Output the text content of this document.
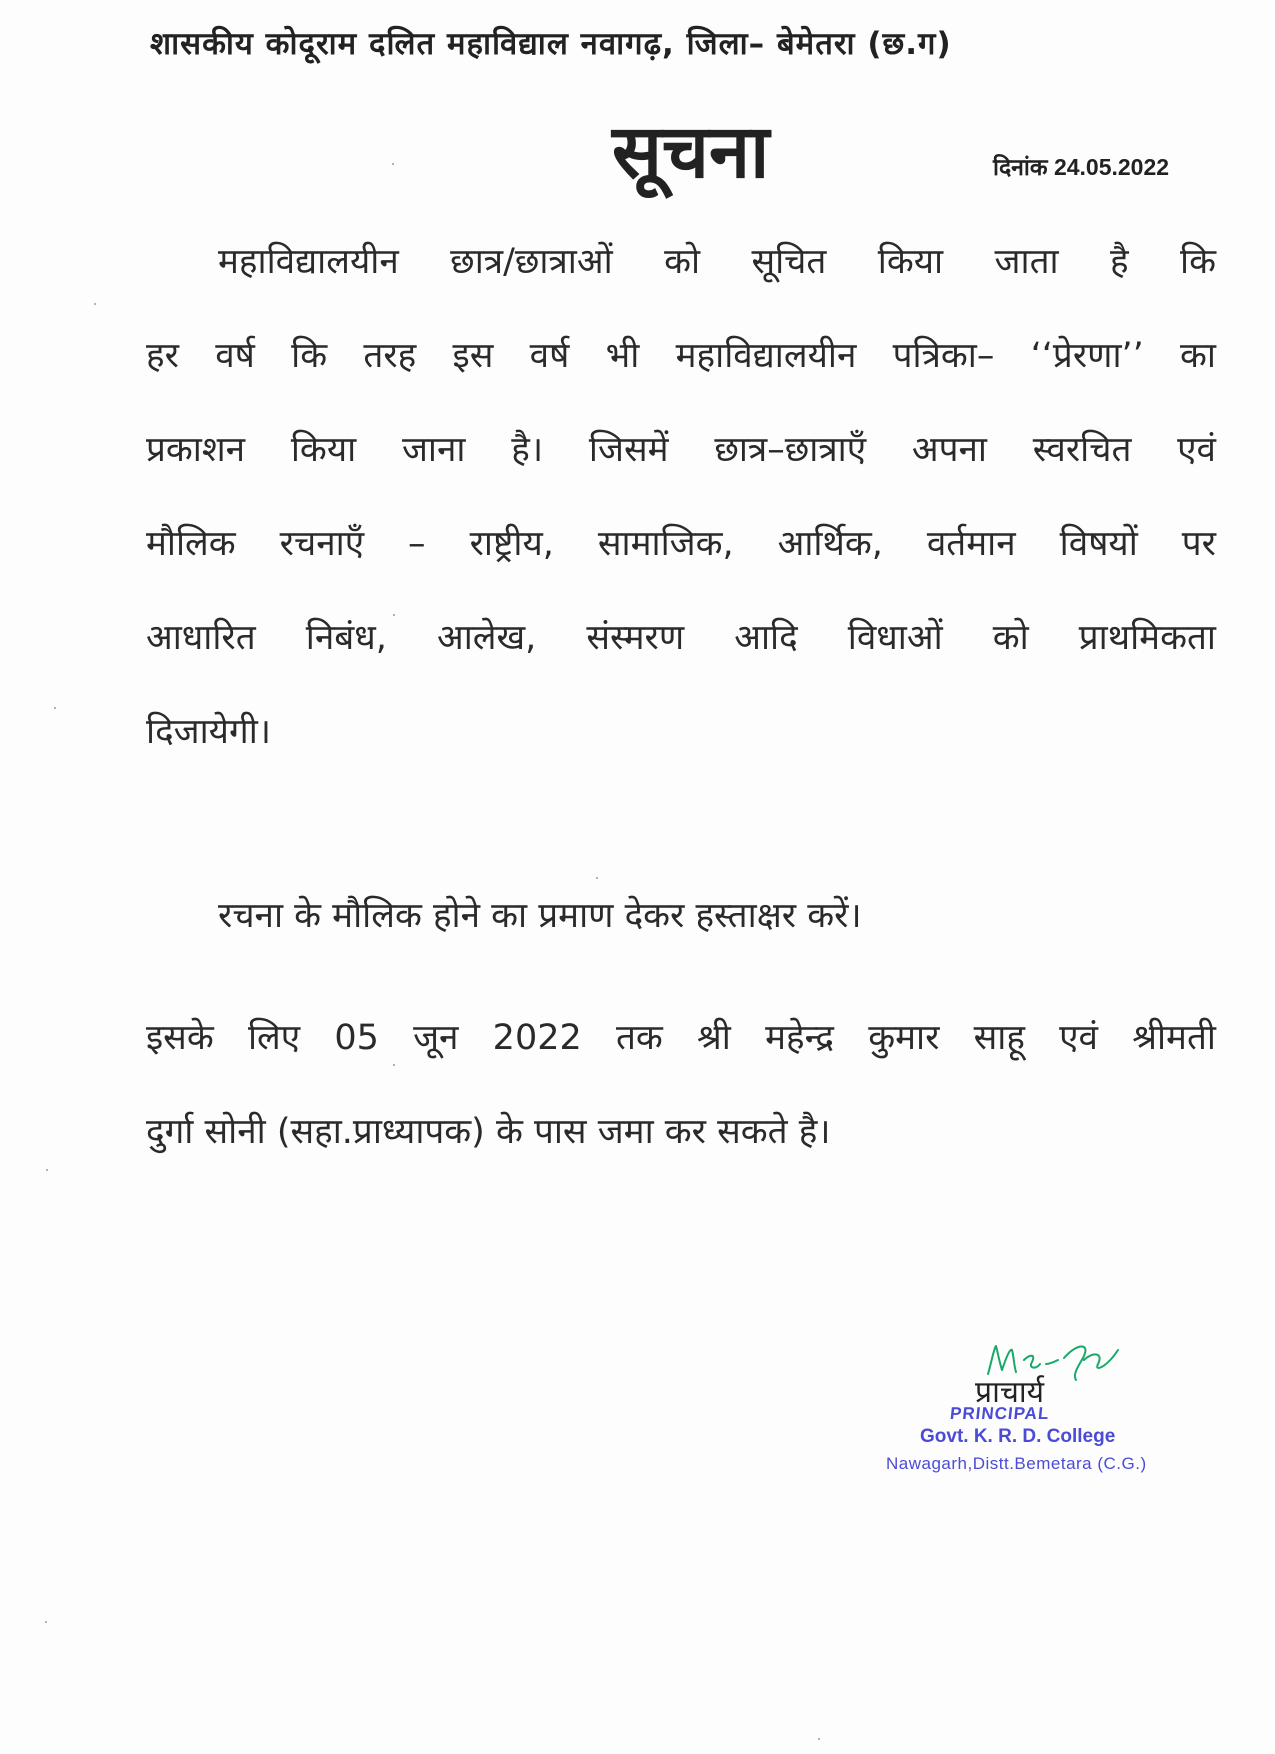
शासकीय कोदूराम दलित महाविद्याल नवागढ़, जिला– बेमेतरा (छ.ग)
सूचना	दिनांक 24.05.2022

महाविद्यालयीन छात्र/छात्राओं को सूचित किया जाता है कि
हर वर्ष कि तरह इस वर्ष भी महाविद्यालयीन पत्रिका– ‘‘प्रेरणा’’ का
प्रकाशन किया जाना है। जिसमें छात्र–छात्राएँ अपना स्वरचित एवं
मौलिक रचनाएँ – राष्ट्रीय, सामाजिक, आर्थिक, वर्तमान विषयों पर
आधारित निबंध, आलेख, संस्मरण आदि विधाओं को प्राथमिकता
दिजायेगी।

रचना के मौलिक होने का प्रमाण देकर हस्ताक्षर करें।

इसके लिए 05 जून 2022 तक श्री महेन्द्र कुमार साहू एवं श्रीमती
दुर्गा सोनी (सहा.प्राध्यापक) के पास जमा कर सकते है।

प्राचार्य
PRINCIPAL
Govt. K. R. D. College
Nawagarh,Distt.Bemetara (C.G.)
